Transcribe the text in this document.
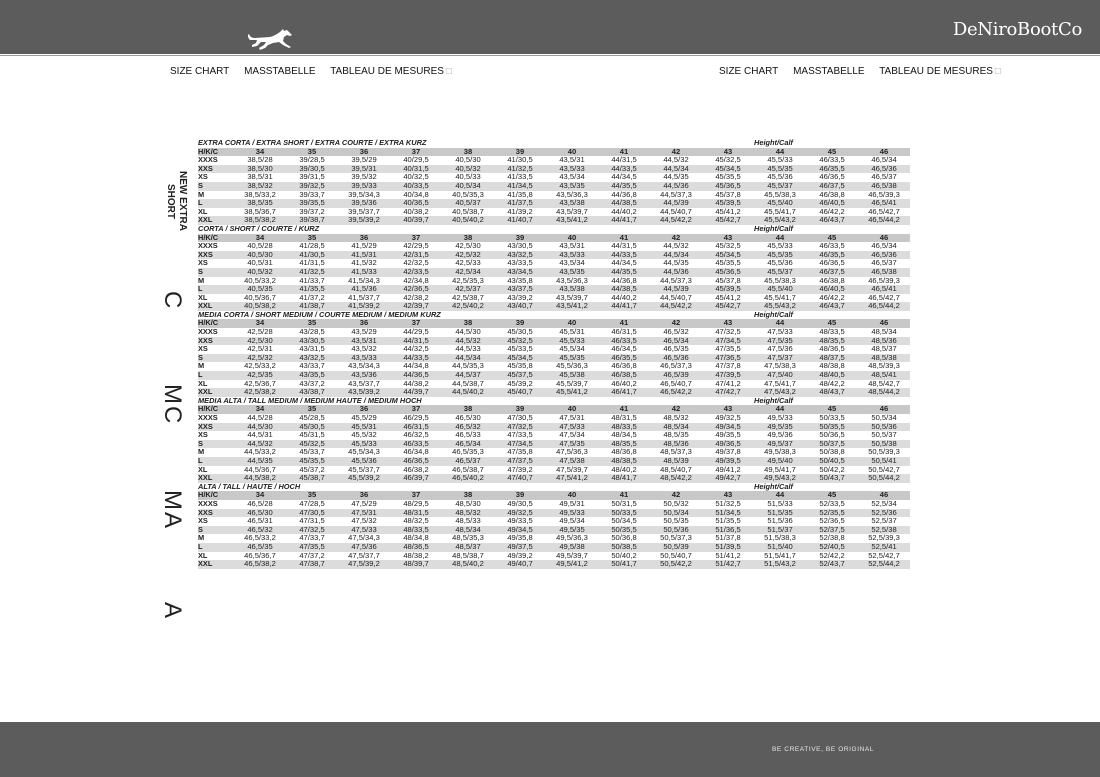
DeNiroBootCo
SIZE CHART MASSTABELLE TABLEAU DE MESURES □	SIZE CHART MASSTABELLE TABLEAU DE MESURES □
NEW EXTRA SHORT
C
MC
MA
A
EXTRA CORTA / EXTRA SHORT / EXTRA COURTE / EXTRA KURZ											Height/Calf		
H/K/C	34	35	36	37	38	39	40	41	42	43	44	45	46
XXXS	38,5/28	39/28,5	39,5/29	40/29,5	40,5/30	41/30,5	43,5/31	44/31,5	44,5/32	45/32,5	45,5/33	46/33,5	46,5/34
XXS	38,5/30	39/30,5	39,5/31	40/31,5	40,5/32	41/32,5	43,5/33	44/33,5	44,5/34	45/34,5	45,5/35	46/35,5	46,5/36
XS	38,5/31	39/31,5	39,5/32	40/32,5	40,5/33	41/33,5	43,5/34	44/34,5	44,5/35	45/35,5	45,5/36	46/36,5	46,5/37
S	38,5/32	39/32,5	39,5/33	40/33,5	40,5/34	41/34,5	43,5/35	44/35,5	44,5/36	45/36,5	45,5/37	46/37,5	46,5/38
M	38,5/33,2	39/33,7	39,5/34,3	40/34,8	40,5/35,3	41/35,8	43,5/36,3	44/36,8	44,5/37,3	45/37,8	45,5/38,3	46/38,8	46,5/39,3
L	38,5/35	39/35,5	39,5/36	40/36,5	40,5/37	41/37,5	43,5/38	44/38,5	44,5/39	45/39,5	45,5/40	46/40,5	46,5/41
XL	38,5/36,7	39/37,2	39,5/37,7	40/38,2	40,5/38,7	41/39,2	43,5/39,7	44/40,2	44,5/40,7	45/41,2	45,5/41,7	46/42,2	46,5/42,7
XXL	38,5/38,2	39/38,7	39,5/39,2	40/39,7	40,5/40,2	41/40,7	43,5/41,2	44/41,7	44,5/42,2	45/42,7	45,5/43,2	46/43,7	46,5/44,2
CORTA / SHORT / COURTE / KURZ											Height/Calf		
H/K/C	34	35	36	37	38	39	40	41	42	43	44	45	46
XXXS	40,5/28	41/28,5	41,5/29	42/29,5	42,5/30	43/30,5	43,5/31	44/31,5	44,5/32	45/32,5	45,5/33	46/33,5	46,5/34
XXS	40,5/30	41/30,5	41,5/31	42/31,5	42,5/32	43/32,5	43,5/33	44/33,5	44,5/34	45/34,5	45,5/35	46/35,5	46,5/36
XS	40,5/31	41/31,5	41,5/32	42/32,5	42,5/33	43/33,5	43,5/34	44/34,5	44,5/35	45/35,5	45,5/36	46/36,5	46,5/37
S	40,5/32	41/32,5	41,5/33	42/33,5	42,5/34	43/34,5	43,5/35	44/35,5	44,5/36	45/36,5	45,5/37	46/37,5	46,5/38
M	40,5/33,2	41/33,7	41,5/34,3	42/34,8	42,5/35,3	43/35,8	43,5/36,3	44/36,8	44,5/37,3	45/37,8	45,5/38,3	46/38,8	46,5/39,3
L	40,5/35	41/35,5	41,5/36	42/36,5	42,5/37	43/37,5	43,5/38	44/38,5	44,5/39	45/39,5	45,5/40	46/40,5	46,5/41
XL	40,5/36,7	41/37,2	41,5/37,7	42/38,2	42,5/38,7	43/39,2	43,5/39,7	44/40,2	44,5/40,7	45/41,2	45,5/41,7	46/42,2	46,5/42,7
XXL	40,5/38,2	41/38,7	41,5/39,2	42/39,7	42,5/40,2	43/40,7	43,5/41,2	44/41,7	44,5/42,2	45/42,7	45,5/43,2	46/43,7	46,5/44,2
MEDIA CORTA / SHORT MEDIUM / COURTE MEDIUM / MEDIUM KURZ											Height/Calf		
H/K/C	34	35	36	37	38	39	40	41	42	43	44	45	46
XXXS	42,5/28	43/28,5	43,5/29	44/29,5	44,5/30	45/30,5	45,5/31	46/31,5	46,5/32	47/32,5	47,5/33	48/33,5	48,5/34
XXS	42,5/30	43/30,5	43,5/31	44/31,5	44,5/32	45/32,5	45,5/33	46/33,5	46,5/34	47/34,5	47,5/35	48/35,5	48,5/36
XS	42,5/31	43/31,5	43,5/32	44/32,5	44,5/33	45/33,5	45,5/34	46/34,5	46,5/35	47/35,5	47,5/36	48/36,5	48,5/37
S	42,5/32	43/32,5	43,5/33	44/33,5	44,5/34	45/34,5	45,5/35	46/35,5	46,5/36	47/36,5	47,5/37	48/37,5	48,5/38
M	42,5/33,2	43/33,7	43,5/34,3	44/34,8	44,5/35,3	45/35,8	45,5/36,3	46/36,8	46,5/37,3	47/37,8	47,5/38,3	48/38,8	48,5/39,3
L	42,5/35	43/35,5	43,5/36	44/36,5	44,5/37	45/37,5	45,5/38	46/38,5	46,5/39	47/39,5	47,5/40	48/40,5	48,5/41
XL	42,5/36,7	43/37,2	43,5/37,7	44/38,2	44,5/38,7	45/39,2	45,5/39,7	46/40,2	46,5/40,7	47/41,2	47,5/41,7	48/42,2	48,5/42,7
XXL	42,5/38,2	43/38,7	43,5/39,2	44/39,7	44,5/40,2	45/40,7	45,5/41,2	46/41,7	46,5/42,2	47/42,7	47,5/43,2	48/43,7	48,5/44,2
MEDIA ALTA / TALL MEDIUM / MEDIUM HAUTE / MEDIUM HOCH											Height/Calf		
H/K/C	34	35	36	37	38	39	40	41	42	43	44	45	46
XXXS	44,5/28	45/28,5	45,5/29	46/29,5	46,5/30	47/30,5	47,5/31	48/31,5	48,5/32	49/32,5	49,5/33	50/33,5	50,5/34
XXS	44,5/30	45/30,5	45,5/31	46/31,5	46,5/32	47/32,5	47,5/33	48/33,5	48,5/34	49/34,5	49,5/35	50/35,5	50,5/36
XS	44,5/31	45/31,5	45,5/32	46/32,5	46,5/33	47/33,5	47,5/34	48/34,5	48,5/35	49/35,5	49,5/36	50/36,5	50,5/37
S	44,5/32	45/32,5	45,5/33	46/33,5	46,5/34	47/34,5	47,5/35	48/35,5	48,5/36	49/36,5	49,5/37	50/37,5	50,5/38
M	44,5/33,2	45/33,7	45,5/34,3	46/34,8	46,5/35,3	47/35,8	47,5/36,3	48/36,8	48,5/37,3	49/37,8	49,5/38,3	50/38,8	50,5/39,3
L	44,5/35	45/35,5	45,5/36	46/36,5	46,5/37	47/37,5	47,5/38	48/38,5	48,5/39	49/39,5	49,5/40	50/40,5	50,5/41
XL	44,5/36,7	45/37,2	45,5/37,7	46/38,2	46,5/38,7	47/39,2	47,5/39,7	48/40,2	48,5/40,7	49/41,2	49,5/41,7	50/42,2	50,5/42,7
XXL	44,5/38,2	45/38,7	45,5/39,2	46/39,7	46,5/40,2	47/40,7	47,5/41,2	48/41,7	48,5/42,2	49/42,7	49,5/43,2	50/43,7	50,5/44,2
ALTA / TALL / HAUTE / HOCH											Height/Calf		
H/K/C	34	35	36	37	38	39	40	41	42	43	44	45	46
XXXS	46,5/28	47/28,5	47,5/29	48/29,5	48,5/30	49/30,5	49,5/31	50/31,5	50,5/32	51/32,5	51,5/33	52/33,5	52,5/34
XXS	46,5/30	47/30,5	47,5/31	48/31,5	48,5/32	49/32,5	49,5/33	50/33,5	50,5/34	51/34,5	51,5/35	52/35,5	52,5/36
XS	46,5/31	47/31,5	47,5/32	48/32,5	48,5/33	49/33,5	49,5/34	50/34,5	50,5/35	51/35,5	51,5/36	52/36,5	52,5/37
S	46,5/32	47/32,5	47,5/33	48/33,5	48,5/34	49/34,5	49,5/35	50/35,5	50,5/36	51/36,5	51,5/37	52/37,5	52,5/38
M	46,5/33,2	47/33,7	47,5/34,3	48/34,8	48,5/35,3	49/35,8	49,5/36,3	50/36,8	50,5/37,3	51/37,8	51,5/38,3	52/38,8	52,5/39,3
L	46,5/35	47/35,5	47,5/36	48/36,5	48,5/37	49/37,5	49,5/38	50/38,5	50,5/39	51/39,5	51,5/40	52/40,5	52,5/41
XL	46,5/36,7	47/37,2	47,5/37,7	48/38,2	48,5/38,7	49/39,2	49,5/39,7	50/40,2	50,5/40,7	51/41,2	51,5/41,7	52/42,2	52,5/42,7
XXL	46,5/38,2	47/38,7	47,5/39,2	48/39,7	48,5/40,2	49/40,7	49,5/41,2	50/41,7	50,5/42,2	51/42,7	51,5/43,2	52/43,7	52,5/44,2
BE CREATIVE, BE ORIGINAL
